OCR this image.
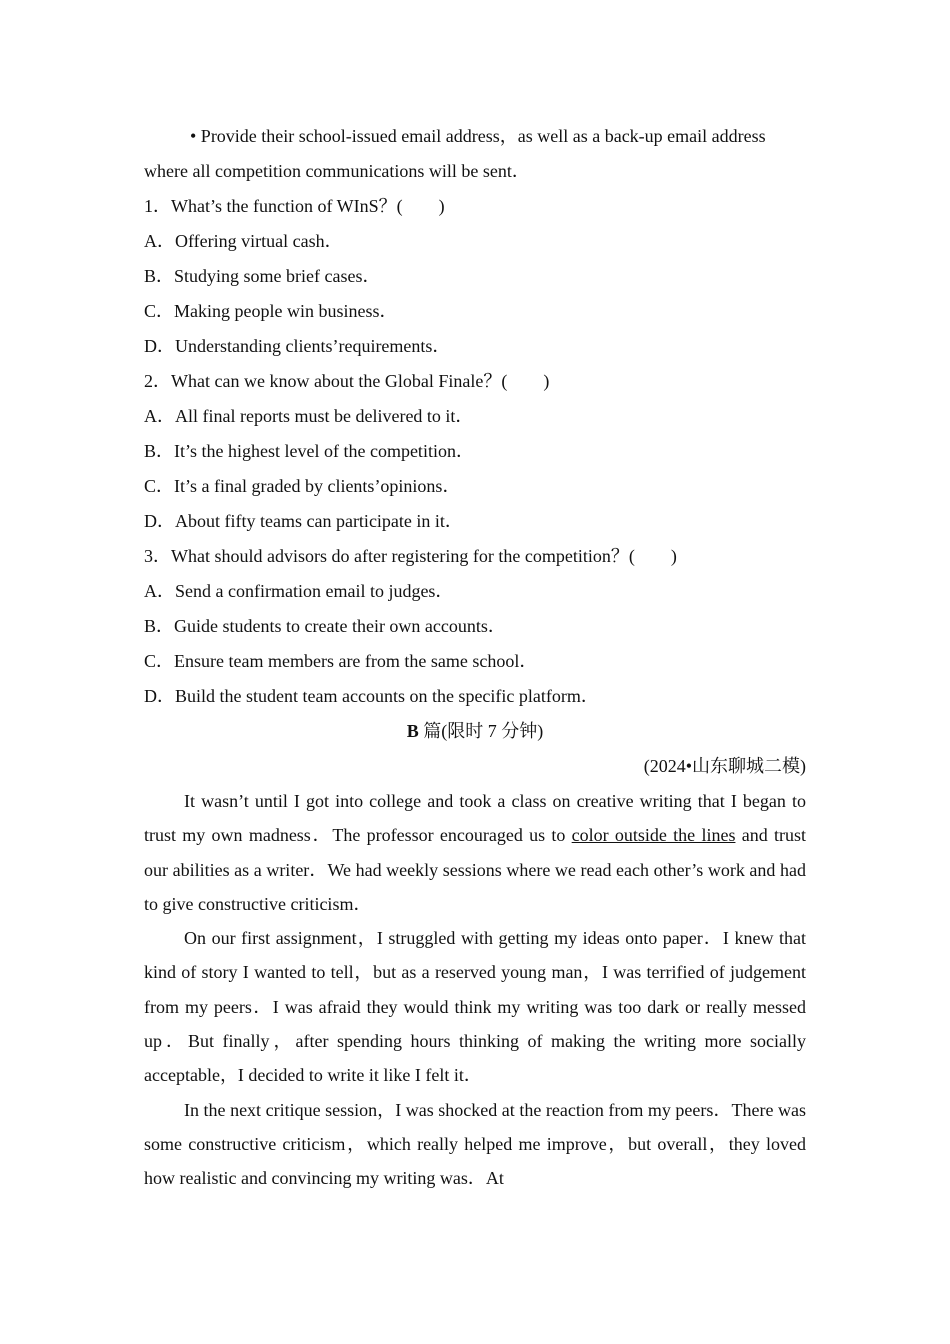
• Provide their school-issued email address，as well as a back-up email address
where all competition communications will be sent．
1．What’s the function of WInS？(　　)
A．Offering virtual cash．
B．Studying some brief cases．
C．Making people win business．
D．Understanding clients’requirements．
2．What can we know about the Global Finale？(　　)
A．All final reports must be delivered to it．
B．It’s the highest level of the competition．
C．It’s a final graded by clients’opinions．
D．About fifty teams can participate in it．
3．What should advisors do after registering for the competition？(　　)
A．Send a confirmation email to judges．
B．Guide students to create their own accounts．
C．Ensure team members are from the same school．
D．Build the student team accounts on the specific platform．
B 篇(限时 7 分钟)
(2024•山东聊城二模)
It wasn’t until I got into college and took a class on creative writing that I began to trust my own madness．The professor encouraged us to color outside the lines and trust our abilities as a writer．We had weekly sessions where we read each other’s work and had to give constructive criticism．
On our first assignment，I struggled with getting my ideas onto paper．I knew that kind of story I wanted to tell，but as a reserved young man，I was terrified of judgement from my peers．I was afraid they would think my writing was too dark or really messed up．But finally，after spending hours thinking of making the writing more socially acceptable，I decided to write it like I felt it．
In the next critique session，I was shocked at the reaction from my peers．There was some constructive criticism，which really helped me improve，but overall，they loved how realistic and convincing my writing was．At
